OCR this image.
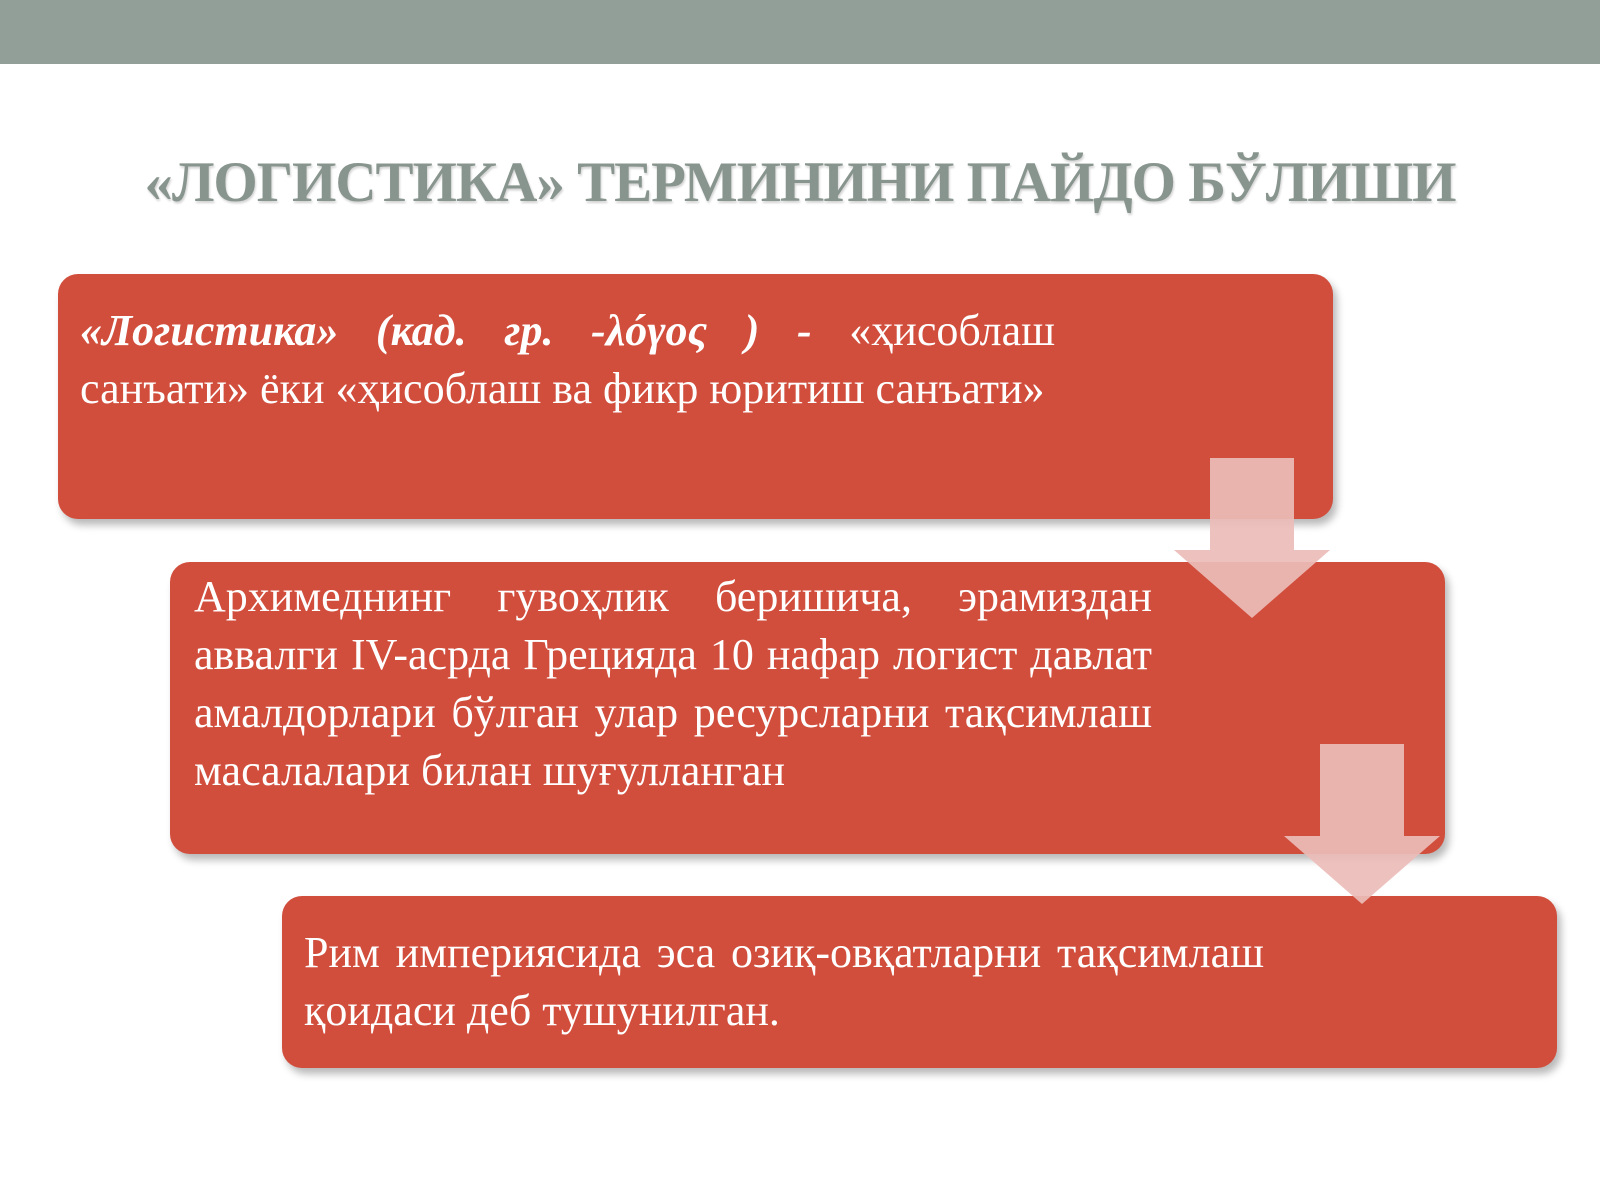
«ЛОГИСТИКА» ТЕРМИНИНИ ПАЙДО БЎЛИШИ
«Логистика» (кад. гр. -λóγος ) - «ҳисоблаш санъати» ёки «ҳисоблаш ва фикр юритиш санъати»
Архимеднинг гувоҳлик беришича, эрамиздан аввалги IV-асрда Грецияда 10 нафар логист давлат амалдорлари бўлган улар ресурсларни тақсимлаш масалалари билан шуғулланган
Рим империясида эса озиқ-овқатларни тақсимлаш қоидаси деб тушунилган.
